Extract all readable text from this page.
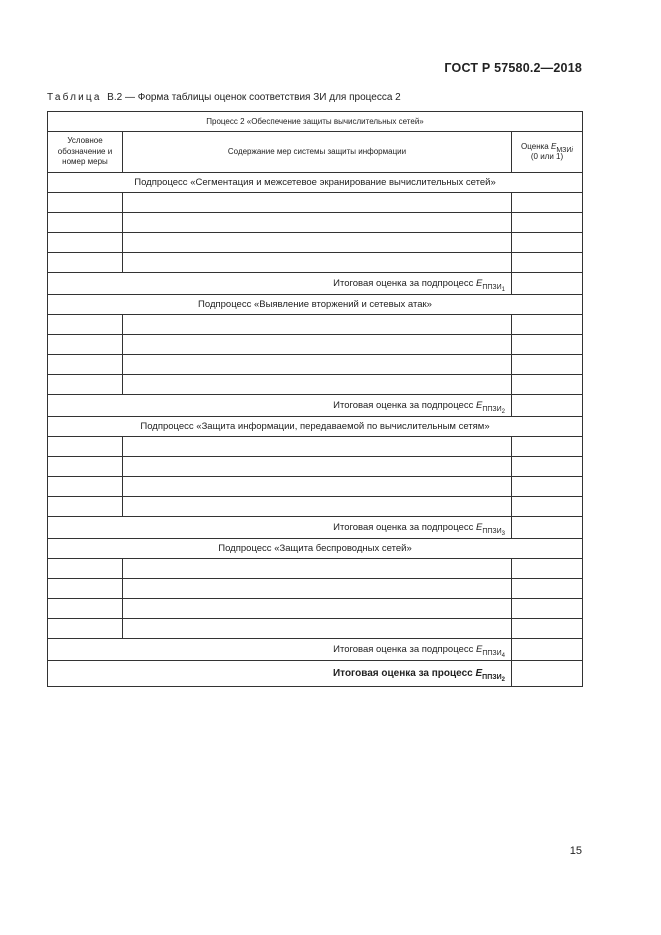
ГОСТ Р 57580.2—2018
Таблица В.2 — Форма таблицы оценок соответствия ЗИ для процесса 2
Процесс 2 «Обеспечение защиты вычислительных сетей»		
Условное обозначение и номер меры	Содержание мер системы защиты информации	Оценка $E_{МЗИi}$
(0 или 1)
Подпроцесс «Сегментация и межсетевое экранирование вычислительных сетей»		

Итоговая оценка за подпроцесс $E_{ППЗИ_1}$	
Подпроцесс «Выявление вторжений и сетевых атак»		

Итоговая оценка за подпроцесс $E_{ППЗИ_2}$	
Подпроцесс «Защита информации, передаваемой по вычислительным сетям»		

Итоговая оценка за подпроцесс $E_{ППЗИ_3}$	
Подпроцесс «Защита беспроводных сетей»		

Итоговая оценка за подпроцесс $E_{ППЗИ_4}$	
Итоговая оценка за процесс $E_{ППЗИ_2}$	
15
